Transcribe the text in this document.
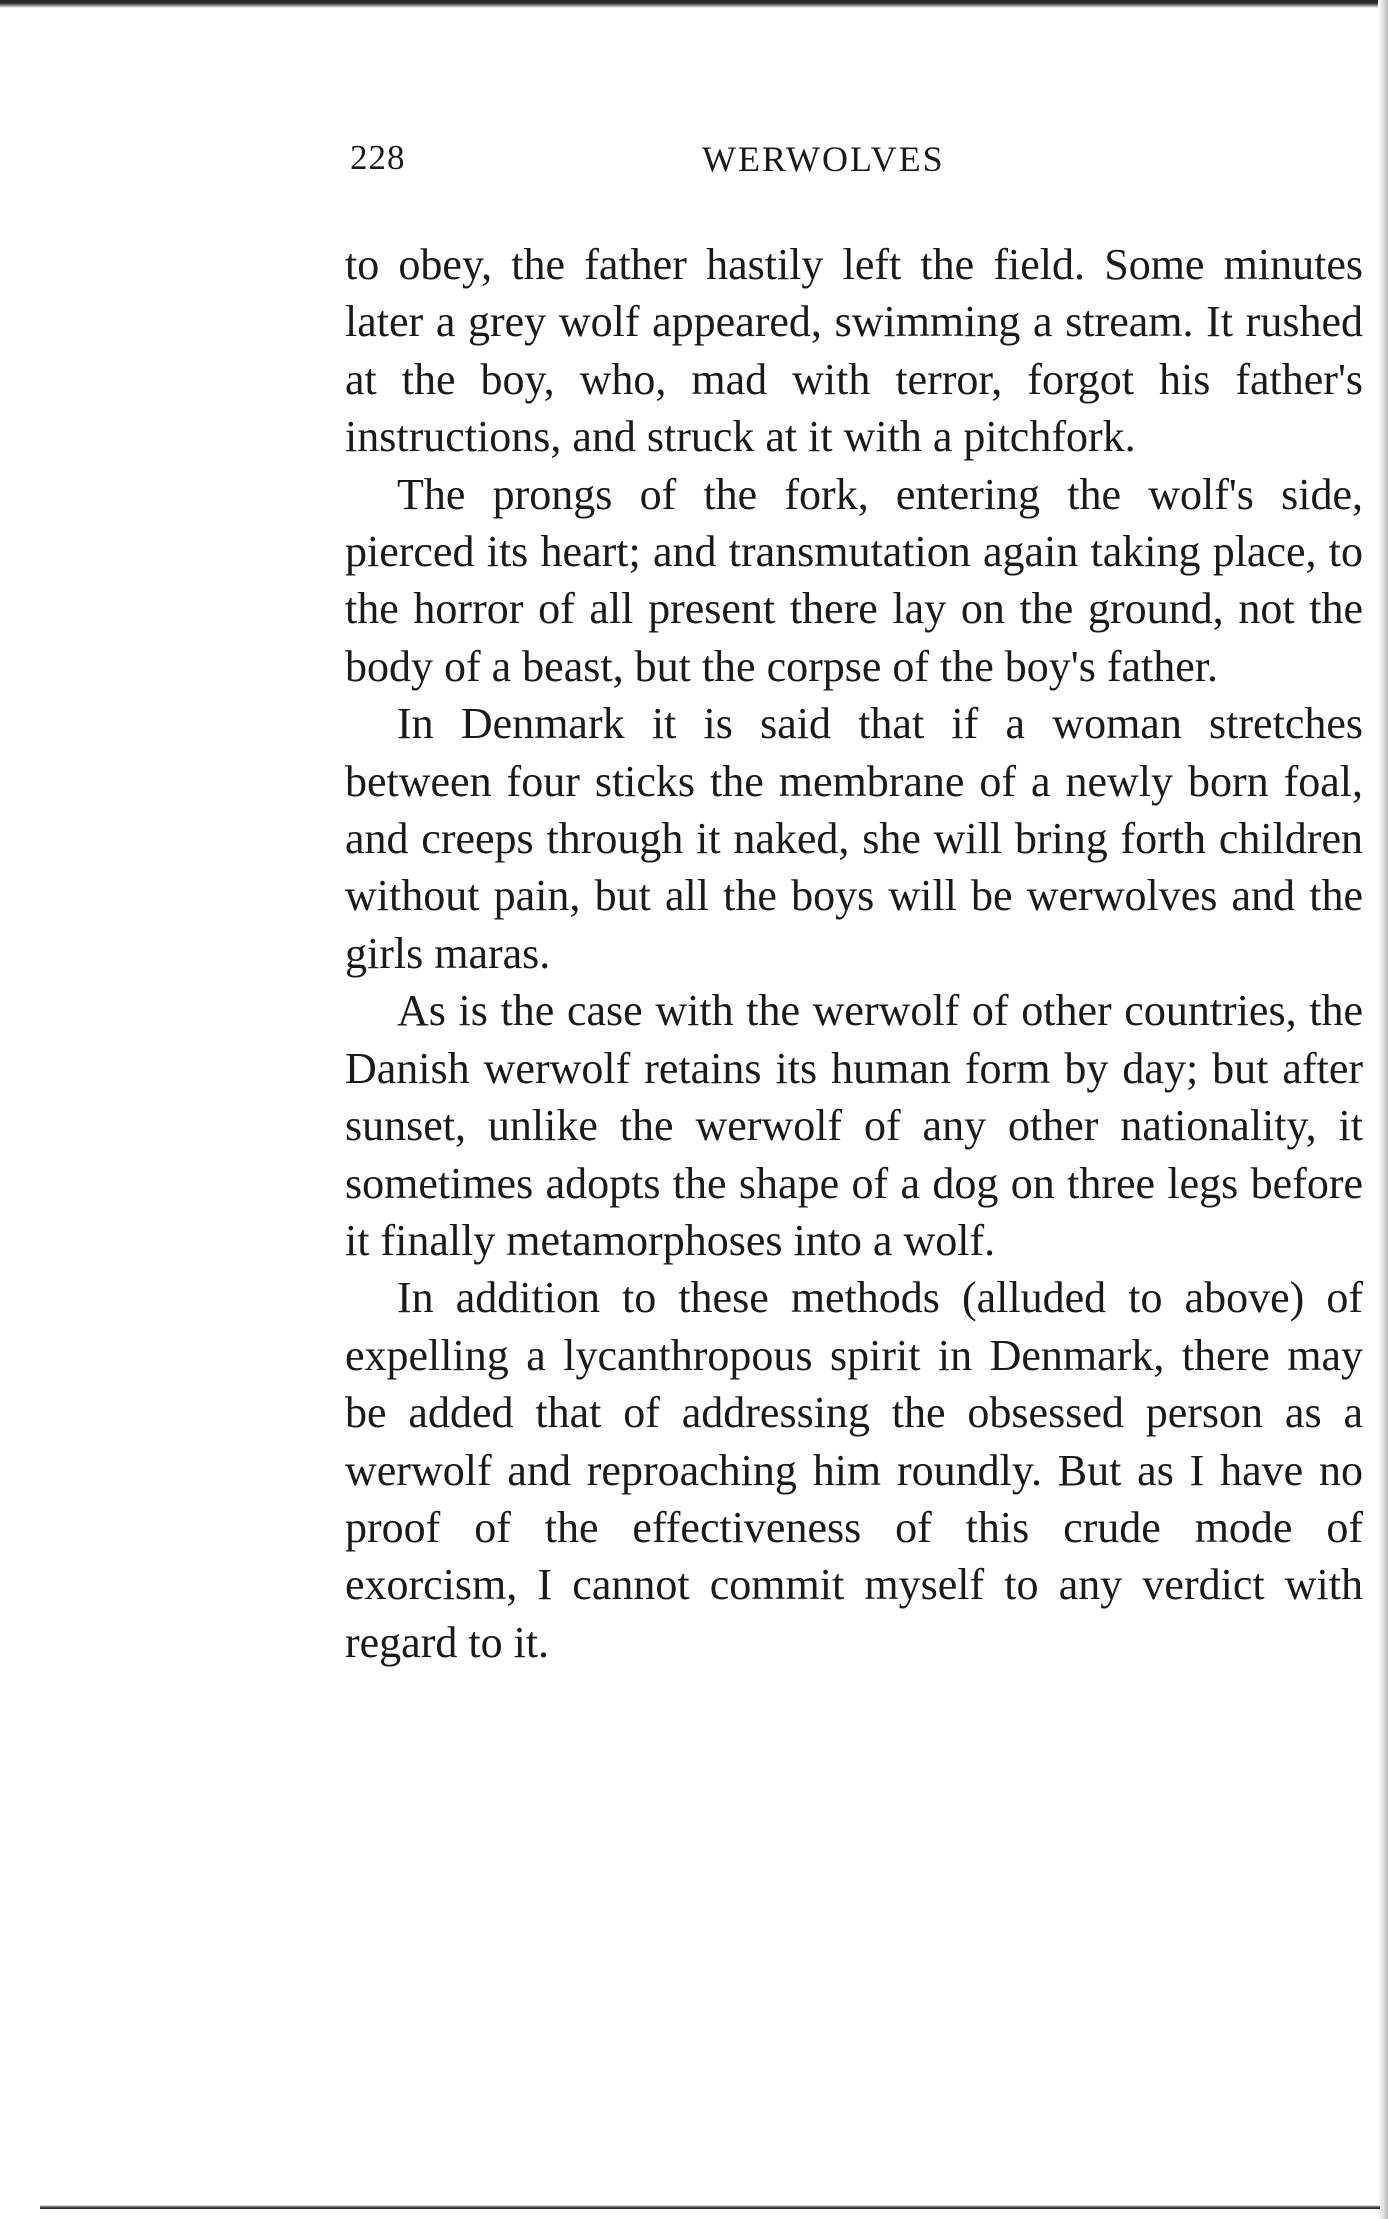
228	WERWOLVES

to obey, the father hastily left the field. Some minutes later a grey wolf appeared, swimming a stream. It rushed at the boy, who, mad with terror, forgot his father's instructions, and struck at it with a pitchfork.

The prongs of the fork, entering the wolf's side, pierced its heart; and transmutation again taking place, to the horror of all present there lay on the ground, not the body of a beast, but the corpse of the boy's father.

In Denmark it is said that if a woman stretches between four sticks the membrane of a newly born foal, and creeps through it naked, she will bring forth children without pain, but all the boys will be werwolves and the girls maras.

As is the case with the werwolf of other countries, the Danish werwolf retains its human form by day; but after sunset, unlike the werwolf of any other nationality, it sometimes adopts the shape of a dog on three legs before it finally metamorphoses into a wolf.

In addition to these methods (alluded to above) of expelling a lycanthropous spirit in Denmark, there may be added that of addressing the obsessed person as a werwolf and reproaching him roundly. But as I have no proof of the effectiveness of this crude mode of exorcism, I cannot commit myself to any verdict with regard to it.
